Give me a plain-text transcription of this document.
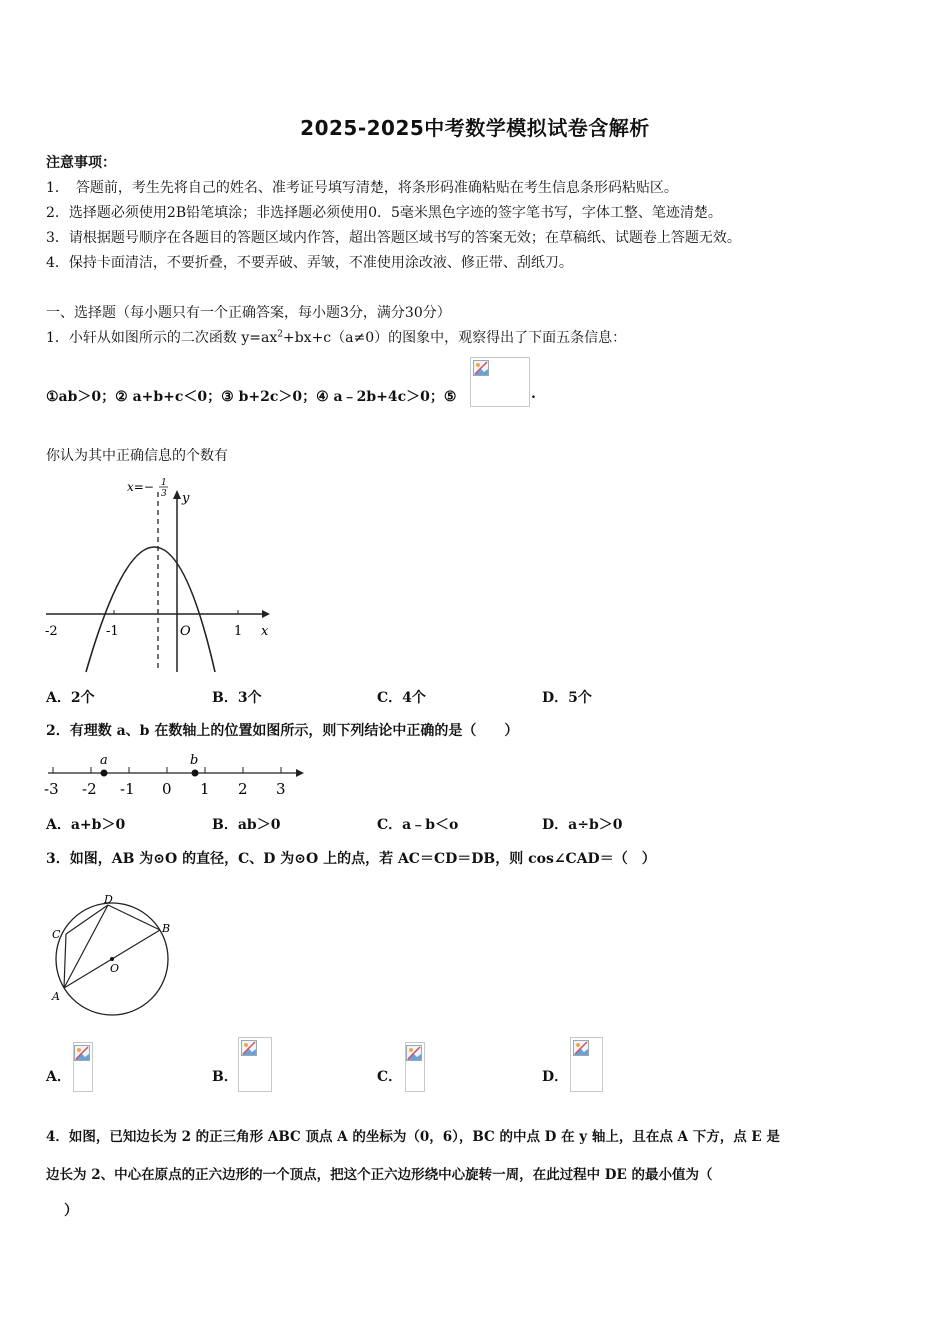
2025-2025中考数学模拟试卷含解析
注意事项：
1．　答题前，考生先将自己的姓名、准考证号填写清楚，将条形码准确粘贴在考生信息条形码粘贴区。
2．选择题必须使用2B铅笔填涂；非选择题必须使用0．5毫米黑色字迹的签字笔书写，字体工整、笔迹清楚。
3．请根据题号顺序在各题目的答题区域内作答，超出答题区域书写的答案无效；在草稿纸、试题卷上答题无效。
4．保持卡面清洁，不要折叠，不要弄破、弄皱，不准使用涂改液、修正带、刮纸刀。
一、选择题（每小题只有一个正确答案，每小题3分，满分30分）
1．小轩从如图所示的二次函数 $y=ax^2+bx+c(a\ne 0)$的图象中，观察得出了下面五条信息：
①ab＞0；② a+b+c＜0；③ b+2c＞0；④ a﹣2b+4c＞0；⑤	.
你认为其中正确信息的个数有
x=− 1
3 y
x
O
-2	-1	1
A．2个	B．3个	C．4个	D．5个
2．有理数 a、b 在数轴上的位置如图所示，则下列结论中正确的是（　　）
a	b
-3 -2 -1 0 1 2 3
A．a+b＞0	B．ab＞0	C．a﹣b＜o	D．a÷b＞0
3．如图，AB 为⊙O 的直径，C、D 为⊙O 上的点，若 AC＝CD＝DB，则 cos∠CAD＝（　）
A
B
C
D
O
A．	B．	C．	D．
4．如图，已知边长为 2 的正三角形 ABC 顶点 A 的坐标为（0，6），BC 的中点 D 在 y 轴上，且在点 A 下方，点 E 是
边长为 2、中心在原点的正六边形的一个顶点，把这个正六边形绕中心旋转一周，在此过程中 DE 的最小值为（
）
